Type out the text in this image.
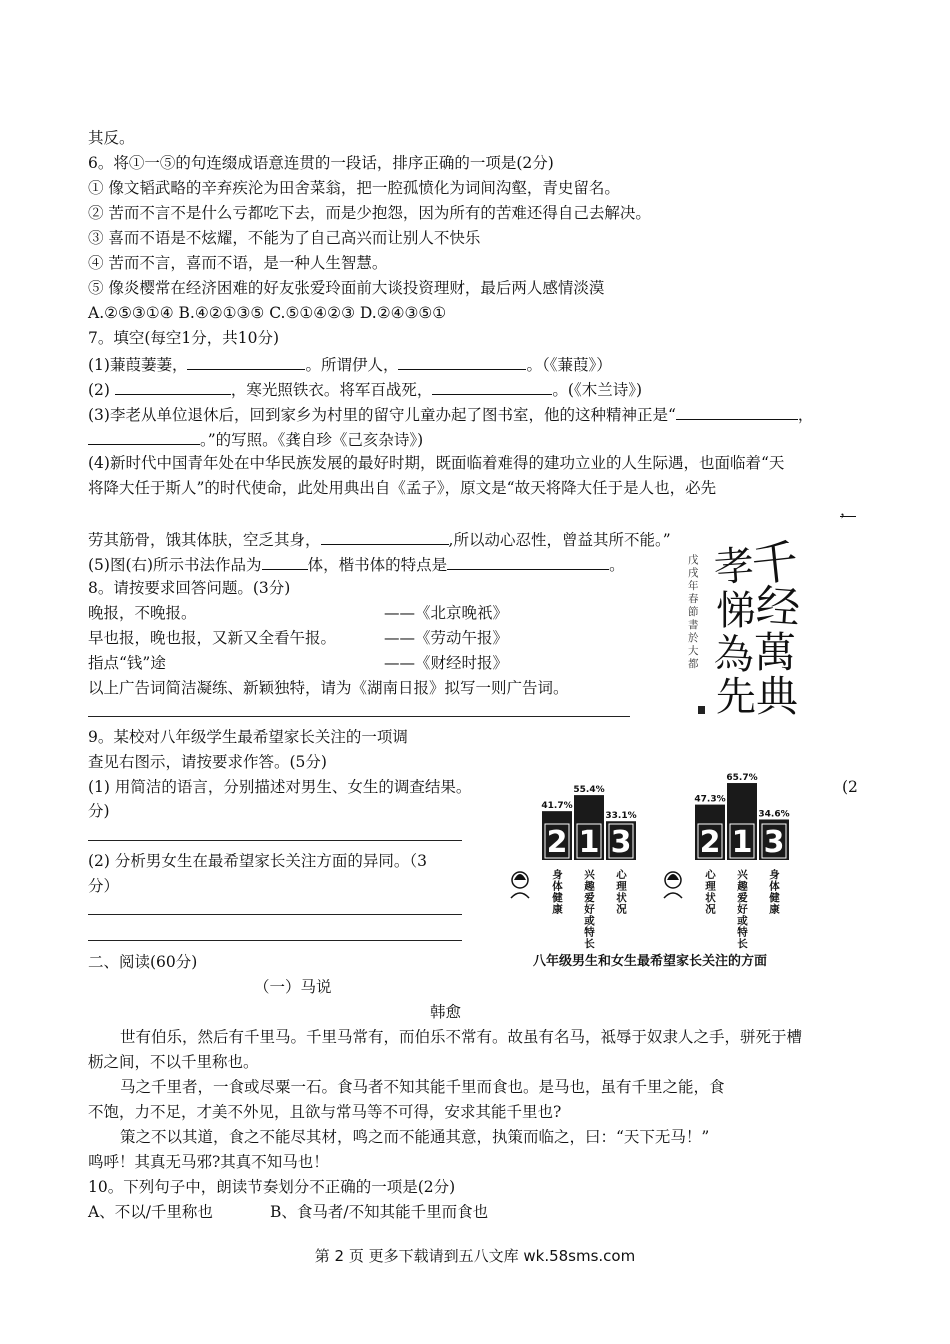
其反。
6。将①一⑤的句连缀成语意连贯的一段话，排序正确的一项是(2分)
① 像文韬武略的辛弃疾沦为田舍菜翁，把一腔孤愤化为词间沟壑，青史留名。
② 苦而不言不是什么亏都吃下去，而是少抱怨，因为所有的苦难还得自己去解决。
③ 喜而不语是不炫耀，不能为了自己高兴而让别人不快乐
④ 苦而不言，喜而不语，是一种人生智慧。
⑤ 像炎樱常在经济困难的好友张爱玲面前大谈投资理财，最后两人感情淡漠
A.②⑤③①④ B.④②①③⑤ C.⑤①④②③ D.②④③⑤①
7。填空(每空1分，共10分)
(1)蒹葭萋萋，	。所谓伊人，	。（《蒹葭》）
(2)	，寒光照铁衣。将军百战死，	。(《木兰诗》)
(3)李老从单位退休后，回到家乡为村里的留守儿童办起了图书室，他的这种精神正是“	，
。”的写照。《龚自珍《己亥杂诗》)
(4)新时代中国青年处在中华民族发展的最好时期，既面临着难得的建功立业的人生际遇，也面临着“天
将降大任于斯人”的时代使命，此处用典出自《孟子》，原文是“故天将降大任于是人也，必先
，
劳其筋骨，饿其体肤，空乏其身，	,所以动心忍性，曾益其所不能。”
(5)图(右)所示书法作品为	体，楷书体的特点是	。	戊戌年春節書於大都
千
经
萬
典
孝
悌
為
先
8。请按要求回答问题。(3分)
晚报，不晚报。	——《北京晚祇》
早也报，晚也报，又新又全看午报。	——《劳动午报》
指点“钱”途	——《财经时报》
以上广告词简洁凝练、新颖独特，请为《湖南日报》拟写一则广告词。
9。某校对八年级学生最希望家长关注的一项调
查见右图示，请按要求作答。(5分)
(1) 用简洁的语言，分别描述对男生、女生的调查结果。	(2
分)
(2) 分析男女生在最希望家长关注方面的异同。（3
分）
2
41.7%
身体健康
1
55.4%
兴趣爱好或特长
3
33.1%
心理状况
2
47.3%
心理状况
1
65.7%
兴趣爱好或特长
3
34.6%
身体健康
八年级男生和女生最希望家长关注的方面
二、阅读(60分)
（一）马说
韩愈
世有伯乐，然后有千里马。千里马常有，而伯乐不常有。故虽有名马，祗辱于奴隶人之手，骈死于槽
枥之间，不以千里称也。
马之千里者，一食或尽粟一石。食马者不知其能千里而食也。是马也，虽有千里之能，食
不饱，力不足，才美不外见，且欲与常马等不可得，安求其能千里也?
策之不以其道，食之不能尽其材，鸣之而不能通其意，执策而临之，曰：“天下无马！”
鸣呼！其真无马邪?其真不知马也！
10。下列句子中，朗读节奏划分不正确的一项是(2分)
A、不以/千里称也	B、食马者/不知其能千里而食也
第 2 页 更多下载请到五八文库 wk.58sms.com
